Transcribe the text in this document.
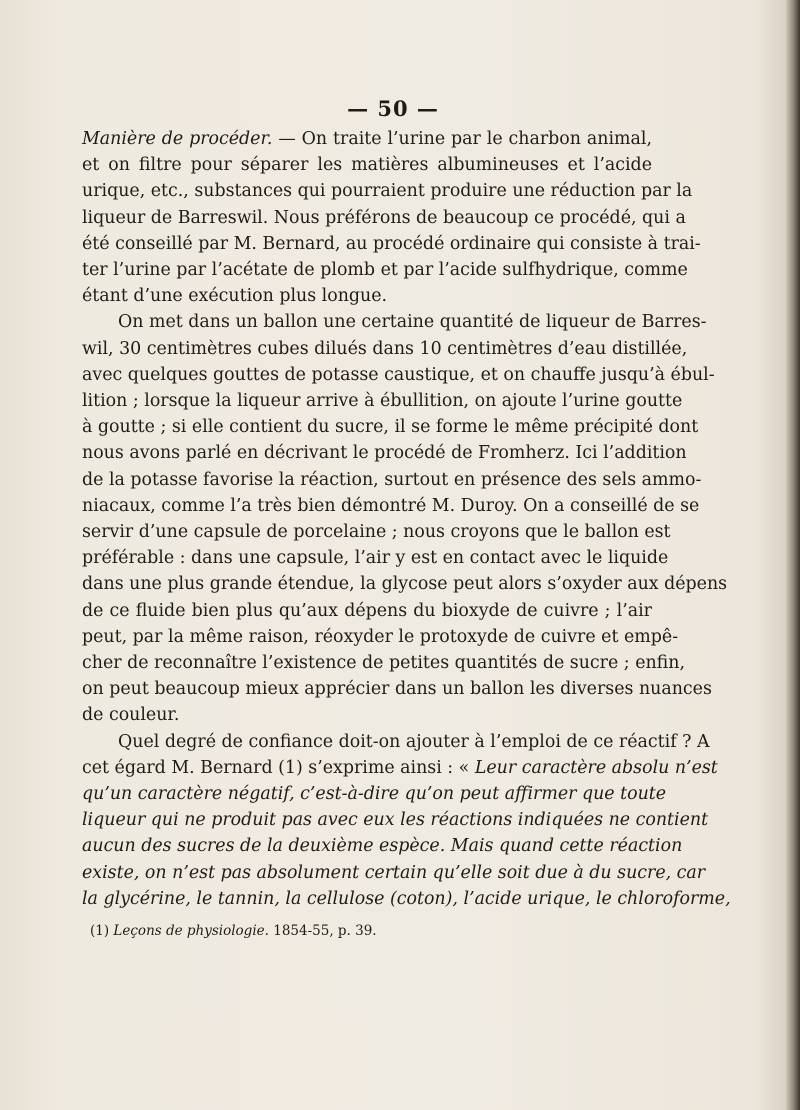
— 50 —
Manière de procéder. — On traite l’urine par le charbon animal,
et on filtre pour séparer les matières albumineuses et l’acide
urique, etc., substances qui pourraient produire une réduction par la
liqueur de Barreswil. Nous préférons de beaucoup ce procédé, qui a
été conseillé par M. Bernard, au procédé ordinaire qui consiste à trai-
ter l’urine par l’acétate de plomb et par l’acide sulfhydrique, comme
étant d’une exécution plus longue.
On met dans un ballon une certaine quantité de liqueur de Barres-
wil, 30 centimètres cubes dilués dans 10 centimètres d’eau distillée,
avec quelques gouttes de potasse caustique, et on chauffe jusqu’à ébul-
lition ; lorsque la liqueur arrive à ébullition, on ajoute l’urine goutte
à goutte ; si elle contient du sucre, il se forme le même précipité dont
nous avons parlé en décrivant le procédé de Fromherz. Ici l’addition
de la potasse favorise la réaction, surtout en présence des sels ammo-
niacaux, comme l’a très bien démontré M. Duroy. On a conseillé de se
servir d’une capsule de porcelaine ; nous croyons que le ballon est
préférable : dans une capsule, l’air y est en contact avec le liquide
dans une plus grande étendue, la glycose peut alors s’oxyder aux dépens
de ce fluide bien plus qu’aux dépens du bioxyde de cuivre ; l’air
peut, par la même raison, réoxyder le protoxyde de cuivre et empê-
cher de reconnaître l’existence de petites quantités de sucre ; enfin,
on peut beaucoup mieux apprécier dans un ballon les diverses nuances
de couleur.
Quel degré de confiance doit-on ajouter à l’emploi de ce réactif ? A
cet égard M. Bernard (1) s’exprime ainsi : « Leur caractère absolu n’est
qu’un caractère négatif, c’est-à-dire qu’on peut affirmer que toute
liqueur qui ne produit pas avec eux les réactions indiquées ne contient
aucun des sucres de la deuxième espèce. Mais quand cette réaction
existe, on n’est pas absolument certain qu’elle soit due à du sucre, car
la glycérine, le tannin, la cellulose (coton), l’acide urique, le chloroforme,
(1) Leçons de physiologie. 1854-55, p. 39.
